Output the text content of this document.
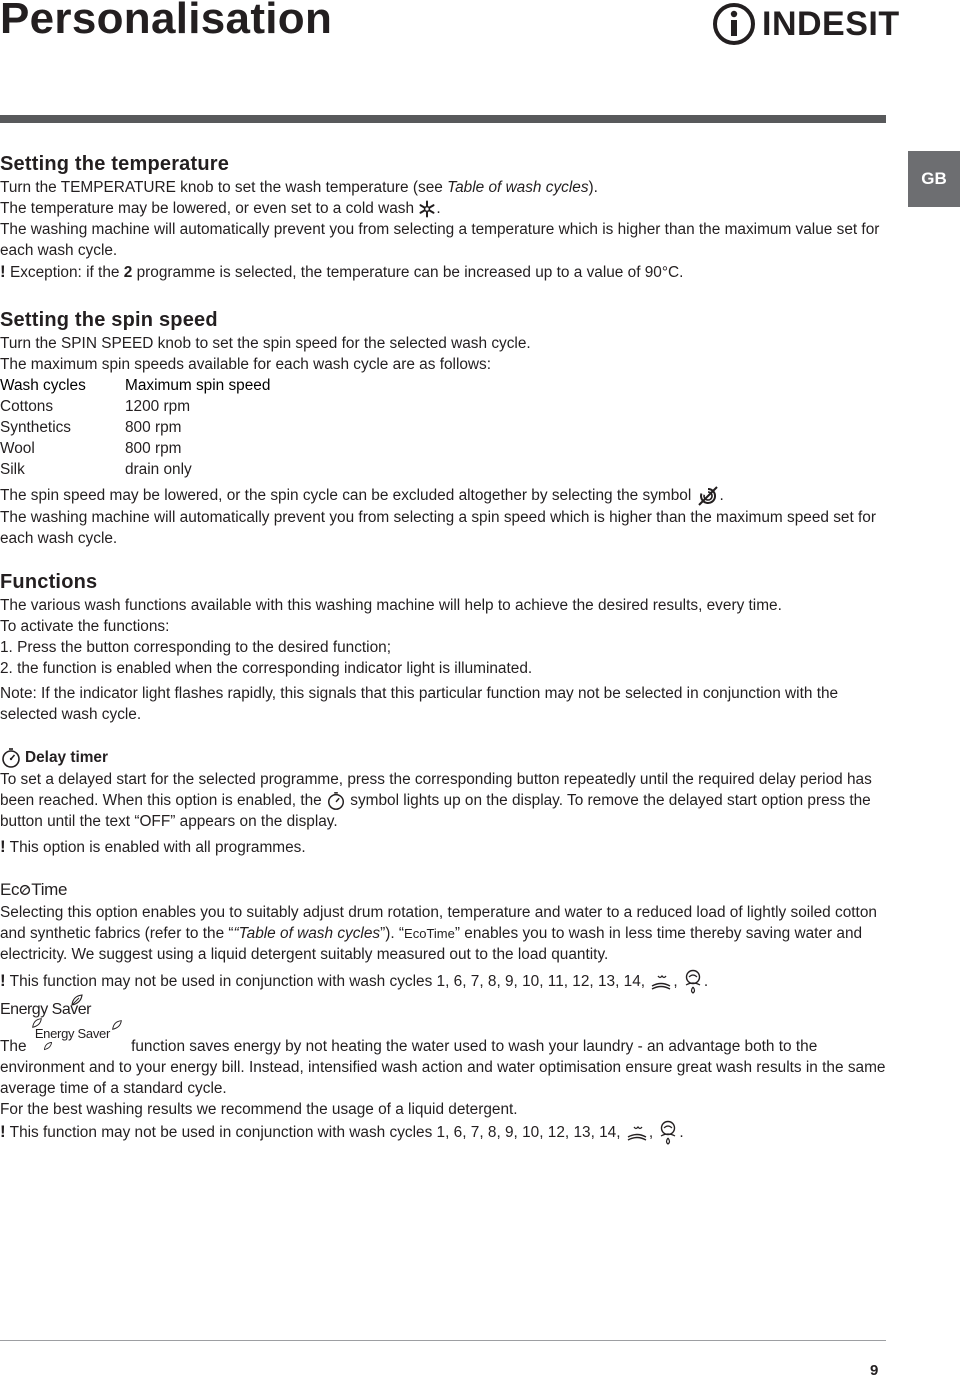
Personalisation	INDESIT
GB
Setting the temperature

Turn the TEMPERATURE knob to set the wash temperature (see Table of wash cycles).

The temperature may be lowered, or even set to a cold wash .

The washing machine will automatically prevent you from selecting a temperature which is higher than the maximum value set for each wash cycle.

! Exception: if the 2 programme is selected, the temperature can be increased up to a value of 90°C.

Setting the spin speed

Turn the SPIN SPEED knob to set the spin speed for the selected wash cycle.

The maximum spin speeds available for each wash cycle are as follows:

Wash cycles	Maximum spin speed
Cottons	1200 rpm
Synthetics	800 rpm
Wool	800 rpm
Silk	drain only

The spin speed may be lowered, or the spin cycle can be excluded altogether by selecting the symbol .

The washing machine will automatically prevent you from selecting a spin speed which is higher than the maximum speed set for each wash cycle.

Functions

The various wash functions available with this washing machine will help to achieve the desired results, every time.

To activate the functions:

1. Press the button corresponding to the desired function;

2. the function is enabled when the corresponding indicator light is illuminated.

Note: If the indicator light flashes rapidly, this signals that this particular function may not be selected in conjunction with the selected wash cycle.

Delay timer

To set a delayed start for the selected programme, press the corresponding button repeatedly until the required delay period has been reached. When this option is enabled, the symbol lights up on the display. To remove the delayed start option press the button until the text “OFF” appears on the display.

! This option is enabled with all programmes.

Ec Time

Selecting this option enables you to suitably adjust drum rotation, temperature and water to a reduced load of lightly soiled cotton and synthetic fabrics (refer to the ““Table of wash cycles”). “EcoTime” enables you to wash in less time thereby saving water and electricity. We suggest using a liquid detergent suitably measured out to the load quantity.

! This function may not be used in conjunction with wash cycles 1, 6, 7, 8, 9, 10, 11, 12, 13, 14, , .

Energy Saver

The
Energy Saver
function saves energy by not heating the water used to wash your laundry - an advantage both to the environment and to your energy bill. Instead, intensified wash action and water optimisation ensure great wash results in the same average time of a standard cycle.

For the best washing results we recommend the usage of a liquid detergent.

! This function may not be used in conjunction with wash cycles 1, 6, 7, 8, 9, 10, 12, 13, 14, , .

9
